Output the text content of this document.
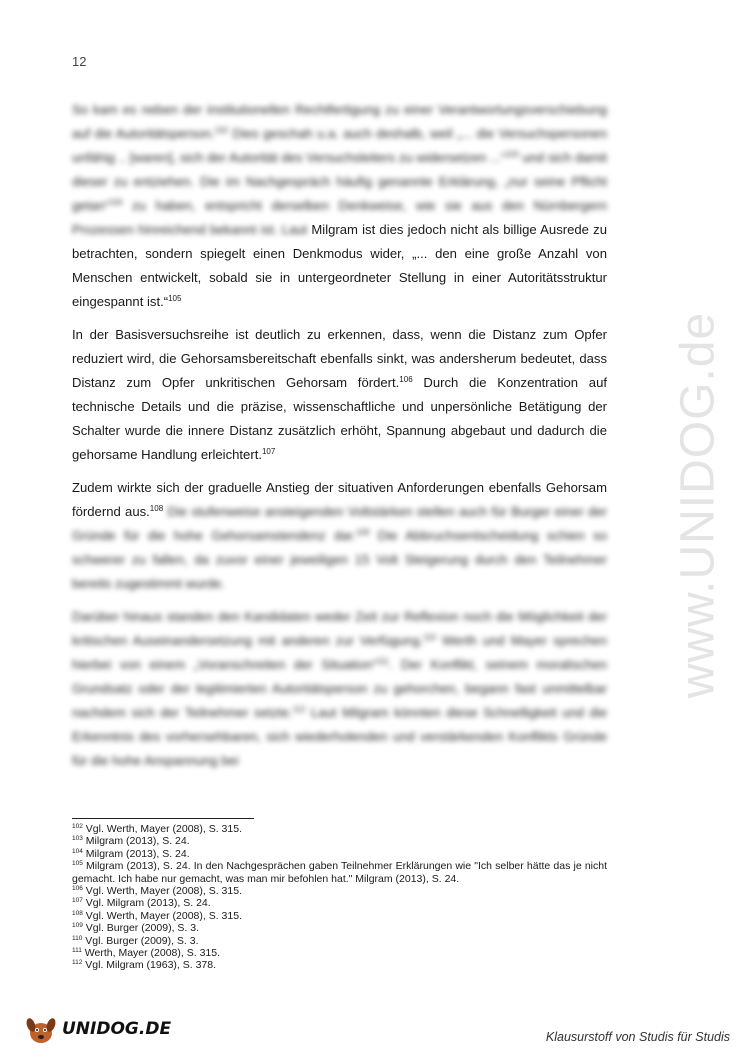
12
www.UNIDOG.de

So kam es neben der institutionellen Rechtfertigung zu einer Verantwortungsverschiebung auf die Autoritätsperson.$^{102}$ Dies geschah u.a. auch deshalb, weil „... die Versuchspersonen unfähig .. [waren], sich der Autorität des Versuchsleiters zu widersetzen ...“$^{103}$ und sich damit dieser zu entziehen. Die im Nachgespräch häufig genannte Erklärung, „nur seine Pflicht getan“$^{104}$ zu haben, entspricht derselben Denkweise, wie sie aus den Nürnbergern Prozessen hinreichend bekannt ist. Laut Milgram ist dies jedoch nicht als billige Ausrede zu betrachten, sondern spiegelt einen Denkmodus wider, „... den eine große Anzahl von Menschen entwickelt, sobald sie in untergeordneter Stellung in einer Autoritätsstruktur eingespannt ist.“$^{105}$

In der Basisversuchsreihe ist deutlich zu erkennen, dass, wenn die Distanz zum Opfer reduziert wird, die Gehorsamsbereitschaft ebenfalls sinkt, was andersherum bedeutet, dass Distanz zum Opfer unkritischen Gehorsam fördert.$^{106}$ Durch die Konzentration auf technische Details und die präzise, wissenschaftliche und unpersönliche Betätigung der Schalter wurde die innere Distanz zusätzlich erhöht, Spannung abgebaut und dadurch die gehorsame Handlung erleichtert.$^{107}$

Zudem wirkte sich der graduelle Anstieg der situativen Anforderungen ebenfalls Gehorsam fördernd aus.$^{108}$ Die stufenweise ansteigenden Voltstärken stellen auch für Burger einer der Gründe für die hohe Gehorsamstendenz dar.$^{109}$ Die Abbruchsentscheidung schien so schwerer zu fallen, da zuvor einer jeweiligen 15 Volt Steigerung durch den Teilnehmer bereits zugestimmt wurde.

Darüber hinaus standen den Kandidaten weder Zeit zur Reflexion noch die Möglichkeit der kritischen Auseinandersetzung mit anderen zur Verfügung.$^{110}$ Werth und Mayer sprechen hierbei von einem „Voranschreiten der Situation“$^{111}$. Der Konflikt, seinem moralischen Grundsatz oder der legitimierten Autoritätsperson zu gehorchen, begann fast unmittelbar nachdem sich der Teilnehmer setzte.$^{112}$ Laut Milgram könnten diese Schnelligkeit und die Erkenntnis des vorhersehbaren, sich wiederholenden und verstärkenden Konflikts Gründe für die hohe Anspannung bei

$^{102}$ Vgl. Werth, Mayer (2008), S. 315.

$^{103}$ Milgram (2013), S. 24.

$^{104}$ Milgram (2013), S. 24.

$^{105}$ Milgram (2013), S. 24. In den Nachgesprächen gaben Teilnehmer Erklärungen wie "Ich selber hätte das je nicht gemacht. Ich habe nur gemacht, was man mir befohlen hat." Milgram (2013), S. 24.

$^{106}$ Vgl. Werth, Mayer (2008), S. 315.

$^{107}$ Vgl. Milgram (2013), S. 24.

$^{108}$ Vgl. Werth, Mayer (2008), S. 315.

$^{109}$ Vgl. Burger (2009), S. 3.

$^{110}$ Vgl. Burger (2009), S. 3.

$^{111}$ Werth, Mayer (2008), S. 315.

$^{112}$ Vgl. Milgram (1963), S. 378.

UNIDOG.DE	Klausurstoff von Studis für Studis
